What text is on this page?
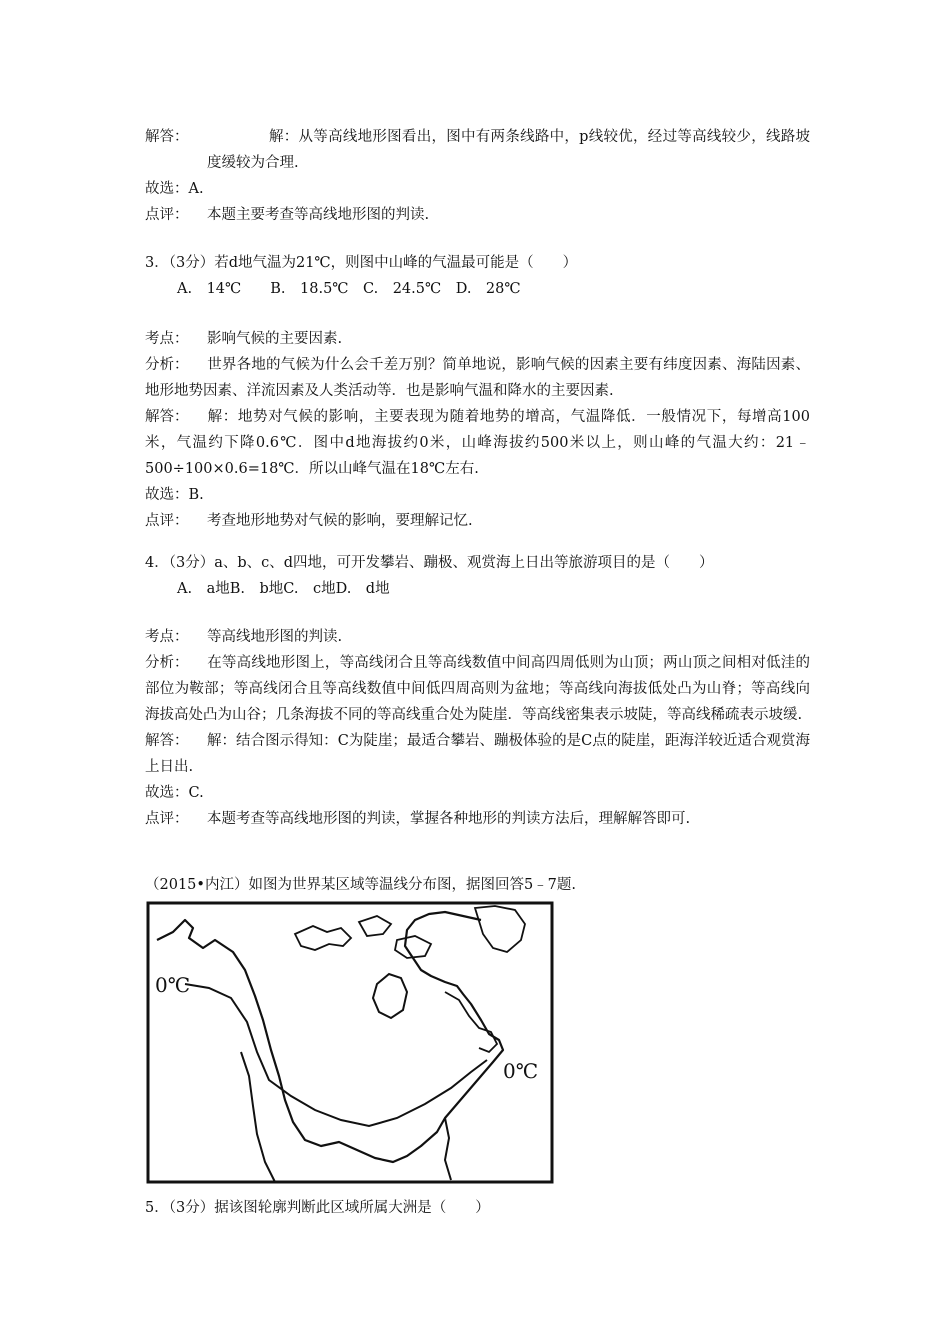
解答：	解：从等高线地形图看出，图中有两条线路中，p线较优，经过等高线较少，线路坡度缓较为合理.
故选： A.
点评：	本题主要考查等高线地形图的判读.
3．（3分）若d地气温为21℃，则图中山峰的气温最可能是（　　）
A.　14℃　　B.　18.5℃　C.　24.5℃　D.　28℃
考点：	影响气候的主要因素.
分析： 世界各地的气候为什么会千差万别？简单地说，影响气候的因素主要有纬度因素、海陆因素、地形地势因素、洋流因素及人类活动等．也是影响气温和降水的主要因素.
解答： 解：地势对气候的影响，主要表现为随着地势的增高，气温降低．一般情况下，每增高100米，气温约下降0.6℃．图中d地海拔约0米，山峰海拔约500米以上，则山峰的气温大约：21﹣500÷100×0.6=18℃．所以山峰气温在18℃左右.
故选： B.
点评：	考查地形地势对气候的影响，要理解记忆.
4．（3分）a、b、c、d四地，可开发攀岩、蹦极、观赏海上日出等旅游项目的是（　　）
A.　a地B.　b地C.　c地D.　d地
考点：	等高线地形图的判读.
分析： 在等高线地形图上，等高线闭合且等高线数值中间高四周低则为山顶；两山顶之间相对低洼的部位为鞍部；等高线闭合且等高线数值中间低四周高则为盆地；等高线向海拔低处凸为山脊；等高线向海拔高处凸为山谷；几条海拔不同的等高线重合处为陡崖．等高线密集表示坡陡，等高线稀疏表示坡缓.
解答： 解：结合图示得知：C为陡崖；最适合攀岩、蹦极体验的是C点的陡崖，距海洋较近适合观赏海上日出.
故选： C.
点评：	本题考查等高线地形图的判读，掌握各种地形的判读方法后，理解解答即可.
（2015•内江）如图为世界某区域等温线分布图，据图回答5﹣7题.
0℃
0℃
5．（3分）据该图轮廓判断此区域所属大洲是（　　）
